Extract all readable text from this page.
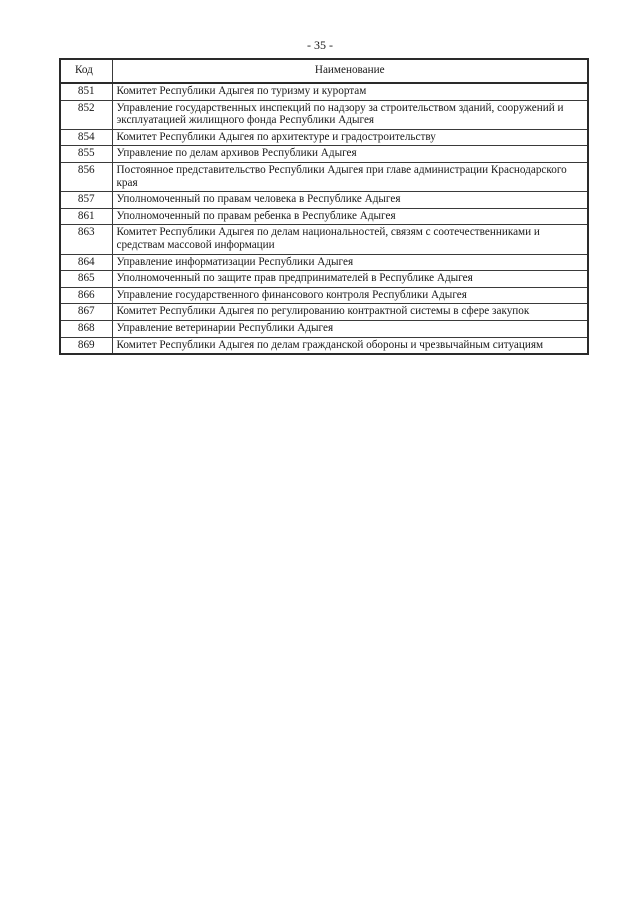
- 35 -
Код	Наименование
851	Комитет Республики Адыгея по туризму и курортам
852	Управление государственных инспекций по надзору за строительством зданий, сооружений и эксплуатацией жилищного фонда Республики Адыгея
854	Комитет Республики Адыгея по архитектуре и градостроительству
855	Управление по делам архивов Республики Адыгея
856	Постоянное представительство Республики Адыгея при главе администрации Краснодарского края
857	Уполномоченный по правам человека в Республике Адыгея
861	Уполномоченный по правам ребенка в Республике Адыгея
863	Комитет Республики Адыгея по делам национальностей, связям с соотечественниками и средствам массовой информации
864	Управление информатизации Республики Адыгея
865	Уполномоченный по защите прав предпринимателей в Республике Адыгея
866	Управление государственного финансового контроля Республики Адыгея
867	Комитет Республики Адыгея по регулированию контрактной системы в сфере закупок
868	Управление ветеринарии Республики Адыгея
869	Комитет Республики Адыгея по делам гражданской обороны и чрезвычайным ситуациям
